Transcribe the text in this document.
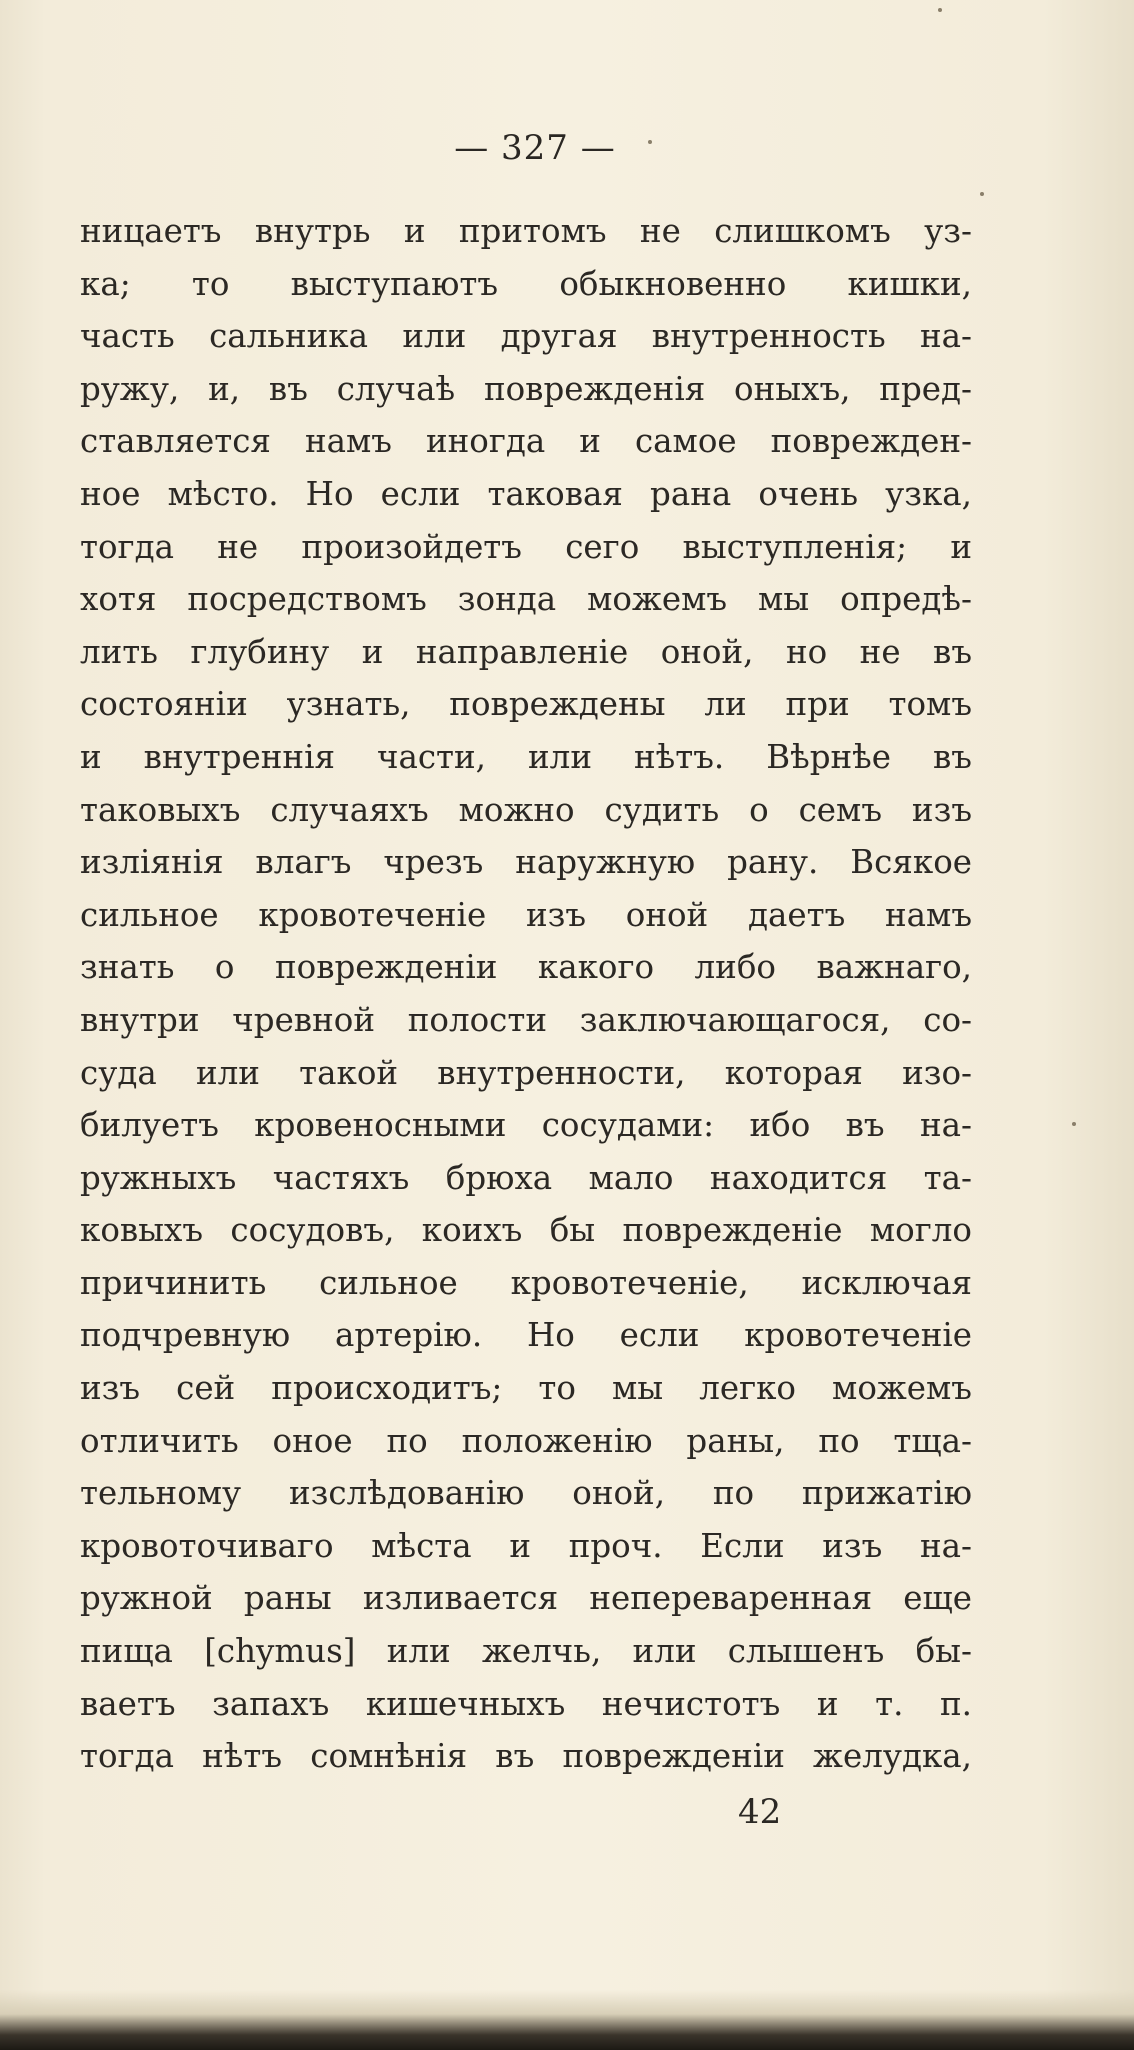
— 327 —
ницаетъ внутрь и притомъ не слишкомъ уз-
ка; то выступаютъ обыкновенно кишки,
часть сальника или другая внутренность на-
ружу, и, въ случаѣ поврежденія оныхъ, пред-
ставляется намъ иногда и самое поврежден-
ное мѣсто. Но если таковая рана очень узка,
тогда не произойдетъ сего выступленія; и
хотя посредствомъ зонда можемъ мы опредѣ-
лить глубину и направленіе оной, но не въ
состояніи узнать, повреждены ли при томъ
и внутреннія части, или нѣтъ. Вѣрнѣе въ
таковыхъ случаяхъ можно судить о семъ изъ
изліянія влагъ чрезъ наружную рану. Всякое
сильное кровотеченіе изъ оной даетъ намъ
знать о поврежденіи какого либо важнаго,
внутри чревной полости заключающагося, со-
суда или такой внутренности, которая изо-
билуетъ кровеносными сосудами: ибо въ на-
ружныхъ частяхъ брюха мало находится та-
ковыхъ сосудовъ, коихъ бы поврежденіе могло
причинить сильное кровотеченіе, исключая
подчревную артерію. Но если кровотеченіе
изъ сей происходитъ; то мы легко можемъ
отличить оное по положенію раны, по тща-
тельному изслѣдованію оной, по прижатію
кровоточиваго мѣста и проч. Если изъ на-
ружной раны изливается непереваренная еще
пища [chymus] или желчь, или слышенъ бы-
ваетъ запахъ кишечныхъ нечистотъ и т. п.
тогда нѣтъ сомнѣнія въ поврежденіи желудка,
42
